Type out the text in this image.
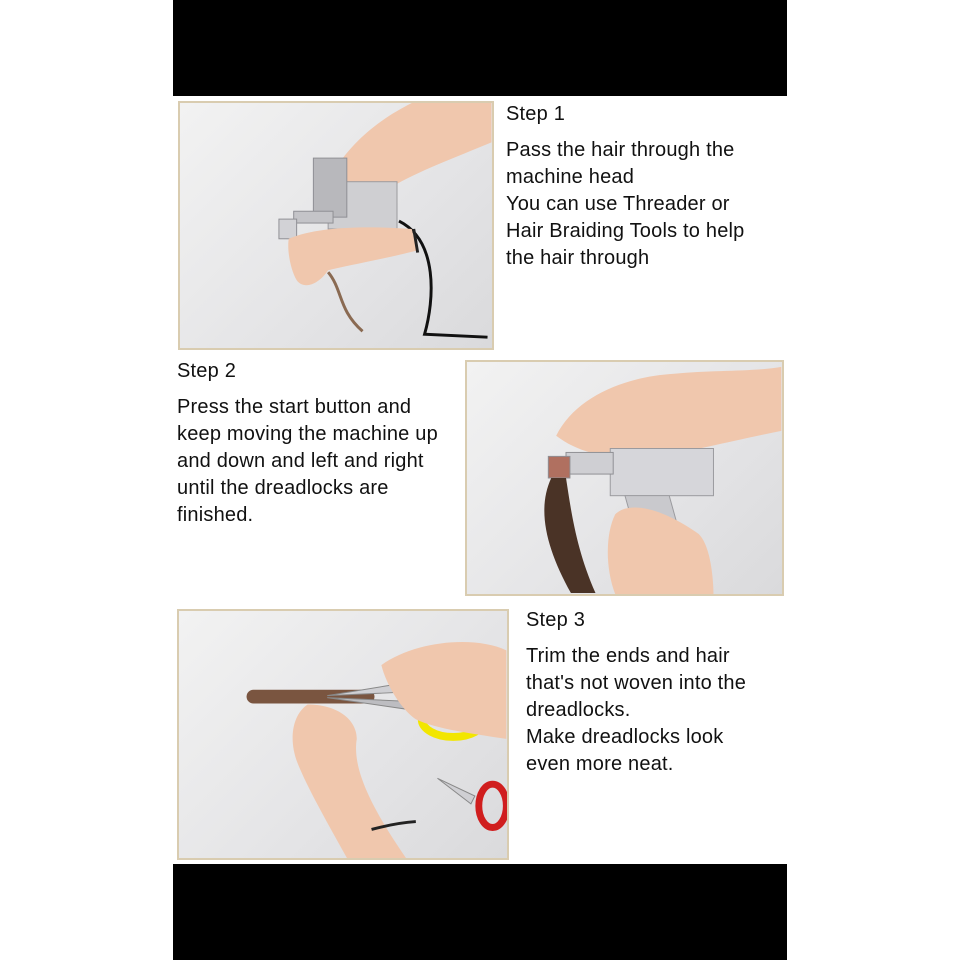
Step 1
Pass the hair through the
machine head
You can use Threader or
Hair Braiding Tools to help
the hair through
Step 2
Press the start button and
keep moving the machine up
and down and left and right
until the dreadlocks are
finished.
Step 3
Trim the ends and hair
that's not woven into the
dreadlocks.
Make dreadlocks look
even more neat.
